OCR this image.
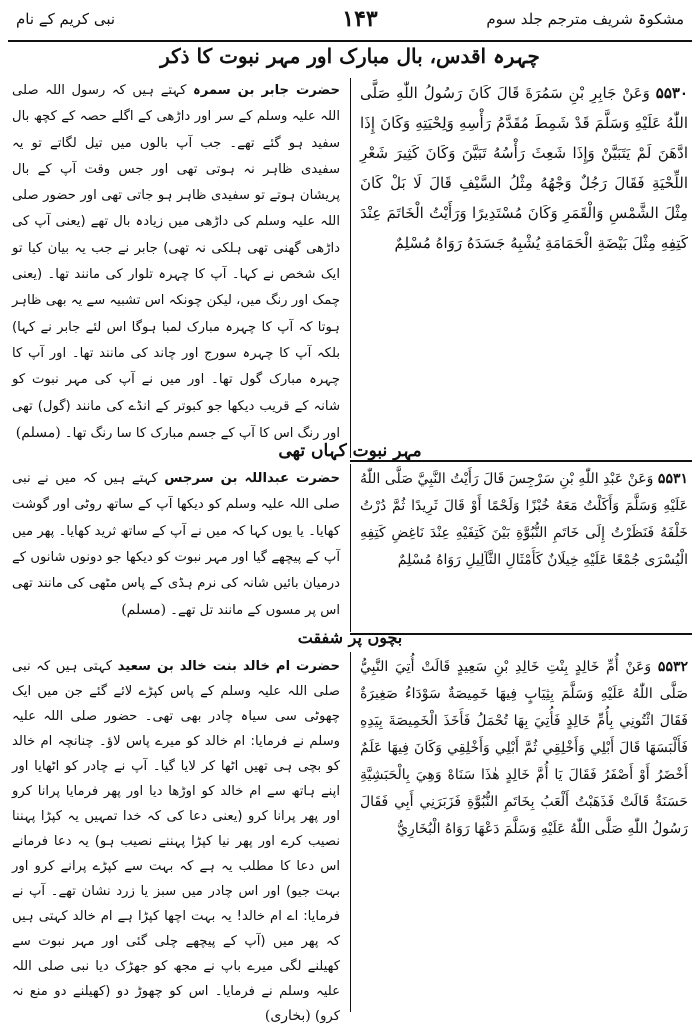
مشکوۃ شریف مترجم جلد سوم
۱۴۳
نبی کریم کے نام
چہرہ اقدس، بال مبارک اور مہر نبوت کا ذکر
۵۵۳۰ وَعَنْ جَابِرِ بْنِ سَمُرَةَ قَالَ كَانَ رَسُولُ اللّٰهِ صَلَّى اللّٰهُ عَلَيْهِ وَسَلَّمَ قَدْ شَمِطَ مُقَدَّمُ رَأْسِهِ وَلِحْيَتِهِ وَكَانَ إِذَا ادَّهَنَ لَمْ يَتَبَيَّنْ وَإِذَا شَعِثَ رَأْسُهُ تَبَيَّنَ وَكَانَ كَثِيرَ شَعْرِ اللِّحْيَةِ فَقَالَ رَجُلٌ وَجْهُهُ مِثْلُ السَّيْفِ قَالَ لَا بَلْ كَانَ مِثْلَ الشَّمْسِ وَالْقَمَرِ وَكَانَ مُسْتَدِيرًا وَرَأَيْتُ الْخَاتَمَ عِنْدَ كَتِفِهِ مِثْلَ بَيْضَةِ الْحَمَامَةِ يُشْبِهُ جَسَدَهُ رَوَاهُ مُسْلِمٌ
حضرت جابر بن سمرہ کہتے ہیں کہ رسول اللہ صلی اللہ علیہ وسلم کے سر اور داڑھی کے اگلے حصہ کے کچھ بال سفید ہو گئے تھے۔ جب آپ بالوں میں تیل لگاتے تو یہ سفیدی ظاہر نہ ہوتی تھی اور جس وقت آپ کے بال پریشان ہوتے تو سفیدی ظاہر ہو جاتی تھی اور حضور صلی اللہ علیہ وسلم کی داڑھی میں زیادہ بال تھے (یعنی آپ کی داڑھی گھنی تھی ہلکی نہ تھی) جابر نے جب یہ بیان کیا تو ایک شخص نے کہا۔ آپ کا چہرہ تلوار کی مانند تھا۔ (یعنی چمک اور رنگ میں، لیکن چونکہ اس تشبیہ سے یہ بھی ظاہر ہوتا کہ آپ کا چہرہ مبارک لمبا ہوگا اس لئے جابر نے کہا) بلکہ آپ کا چہرہ سورج اور چاند کی مانند تھا۔ اور آپ کا چہرہ مبارک گول تھا۔ اور میں نے آپ کی مہر نبوت کو شانہ کے قریب دیکھا جو کبوتر کے انڈے کی مانند (گول) تھی اور رنگ اس کا آپ کے جسم مبارک کا سا رنگ تھا۔ (مسلم)
مہر نبوت کہاں تھی
۵۵۳۱ وَعَنْ عَبْدِ اللّٰهِ بْنِ سَرْجِسَ قَالَ رَأَيْتُ النَّبِيَّ صَلَّى اللّٰهُ عَلَيْهِ وَسَلَّمَ وَأَكَلْتُ مَعَهُ خُبْزًا وَلَحْمًا أَوْ قَالَ ثَرِيدًا ثُمَّ دُرْتُ خَلْفَهُ فَنَظَرْتُ إِلَى خَاتَمِ النُّبُوَّةِ بَيْنَ كَتِفَيْهِ عِنْدَ نَاغِضِ كَتِفِهِ الْيُسْرَى جُمْعًا عَلَيْهِ خِيلَانٌ كَأَمْثَالِ الثَّآلِيلِ رَوَاهُ مُسْلِمٌ
حضرت عبداللہ بن سرجس کہتے ہیں کہ میں نے نبی صلی اللہ علیہ وسلم کو دیکھا آپ کے ساتھ روٹی اور گوشت کھایا۔ یا یوں کہا کہ میں نے آپ کے ساتھ ثرید کھایا۔ پھر میں آپ کے پیچھے گیا اور مہر نبوت کو دیکھا جو دونوں شانوں کے درمیان بائیں شانہ کی نرم ہڈی کے پاس مٹھی کی مانند تھی اس پر مسوں کے مانند تل تھے۔ (مسلم)
بچوں پر شفقت
۵۵۳۲ وَعَنْ أُمِّ خَالِدٍ بِنْتِ خَالِدِ بْنِ سَعِيدٍ قَالَتْ أُتِيَ النَّبِيُّ صَلَّى اللّٰهُ عَلَيْهِ وَسَلَّمَ بِثِيَابٍ فِيهَا خَمِيصَةٌ سَوْدَاءُ صَغِيرَةٌ فَقَالَ ائْتُونِي بِأُمِّ خَالِدٍ فَأُتِيَ بِهَا تُحْمَلُ فَأَخَذَ الْخَمِيصَةَ بِيَدِهِ فَأَلْبَسَهَا قَالَ أَبْلِي وَأَخْلِقِي ثُمَّ أَبْلِي وَأَخْلِقِي وَكَانَ فِيهَا عَلَمٌ أَخْضَرُ أَوْ أَصْفَرُ فَقَالَ يَا أُمَّ خَالِدٍ هٰذَا سَنَاهْ وَهِيَ بِالْحَبَشِيَّةِ حَسَنَةٌ قَالَتْ فَذَهَبْتُ أَلْعَبُ بِخَاتَمِ النُّبُوَّةِ فَزَبَرَنِي أَبِي فَقَالَ رَسُولُ اللّٰهِ صَلَّى اللّٰهُ عَلَيْهِ وَسَلَّمَ دَعْهَا رَوَاهُ الْبُخَارِيُّ
حضرت ام خالد بنت خالد بن سعید کہتی ہیں کہ نبی صلی اللہ علیہ وسلم کے پاس کپڑے لائے گئے جن میں ایک چھوٹی سی سیاہ چادر بھی تھی۔ حضور صلی اللہ علیہ وسلم نے فرمایا: ام خالد کو میرے پاس لاؤ۔ چنانچہ ام خالد کو بچی ہی تھیں اٹھا کر لایا گیا۔ آپ نے چادر کو اٹھایا اور اپنے ہاتھ سے ام خالد کو اوڑھا دیا اور پھر فرمایا پرانا کرو اور پھر پرانا کرو (یعنی دعا کی کہ خدا تمہیں یہ کپڑا پہننا نصیب کرے اور پھر نیا کپڑا پہننے نصیب ہو) یہ دعا فرمانے اس دعا کا مطلب یہ ہے کہ بہت سے کپڑے پرانے کرو اور بہت جیو) اور اس چادر میں سبز یا زرد نشان تھے۔ آپ نے فرمایا: اے ام خالد! یہ بہت اچھا کپڑا ہے ام خالد کہتی ہیں کہ پھر میں (آپ کے پیچھے چلی گئی اور مہر نبوت سے کھیلنے لگی میرے باپ نے مجھ کو جھڑک دیا نبی صلی اللہ علیہ وسلم نے فرمایا۔ اس کو چھوڑ دو (کھیلنے دو منع نہ کرو) (بخاری)
